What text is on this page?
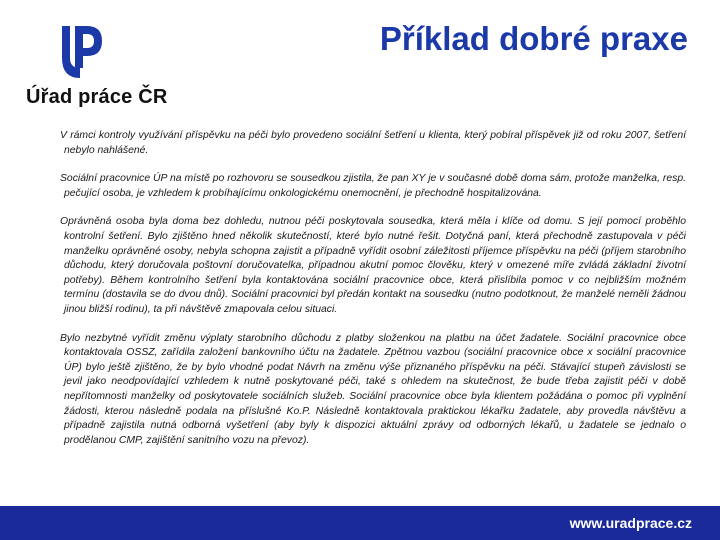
Úřad práce ČR
Příklad dobré praxe

V rámci kontroly využívání příspěvku na péči bylo provedeno sociální šetření u klienta, který pobíral příspěvek již od roku 2007, šetření nebylo nahlášené.

Sociální pracovnice ÚP na místě po rozhovoru se sousedkou zjistila, že pan XY je v současné době doma sám, protože manželka, resp. pečující osoba, je vzhledem k probíhajícímu onkologickému onemocnění, je přechodně hospitalizována.

Oprávněná osoba byla doma bez dohledu, nutnou péči poskytovala sousedka, která měla i klíče od domu. S její pomocí proběhlo kontrolní šetření. Bylo zjištěno hned několik skutečností, které bylo nutné řešit. Dotyčná paní, která přechodně zastupovala v péči manželku oprávněné osoby, nebyla schopna zajistit a případně vyřídit osobní záležitosti příjemce příspěvku na péči (příjem starobního důchodu, který doručovala poštovní doručovatelka, případnou akutní pomoc člověku, který v omezené míře zvládá základní životní potřeby). Během kontrolního šetření byla kontaktována sociální pracovnice obce, která přislíbila pomoc v co nejbližším možném termínu (dostavila se do dvou dnů). Sociální pracovnici byl předán kontakt na sousedku (nutno podotknout, že manželé neměli žádnou jinou bližší rodinu), ta při návštěvě zmapovala celou situaci.

Bylo nezbytné vyřídit změnu výplaty starobního důchodu z platby složenkou na platbu na účet žadatele. Sociální pracovnice obce kontaktovala OSSZ, zařídila založení bankovního účtu na žadatele. Zpětnou vazbou (sociální pracovnice obce x sociální pracovnice ÚP) bylo ještě zjištěno, že by bylo vhodné podat Návrh na změnu výše přiznaného příspěvku na péči. Stávající stupeň závislosti se jevil jako neodpovídající vzhledem k nutně poskytované péči, také s ohledem na skutečnost, že bude třeba zajistit péči v době nepřítomnosti manželky od poskytovatele sociálních služeb. Sociální pracovnice obce byla klientem požádána o pomoc při vyplnění žádosti, kterou následně podala na příslušné Ko.P. Následně kontaktovala praktickou lékařku žadatele, aby provedla návštěvu a případně zajistila nutná odborná vyšetření (aby byly k dispozici aktuální zprávy od odborných lékařů, u žadatele se jednalo o prodělanou CMP, zajištění sanitního vozu na převoz).

www.uradprace.cz
